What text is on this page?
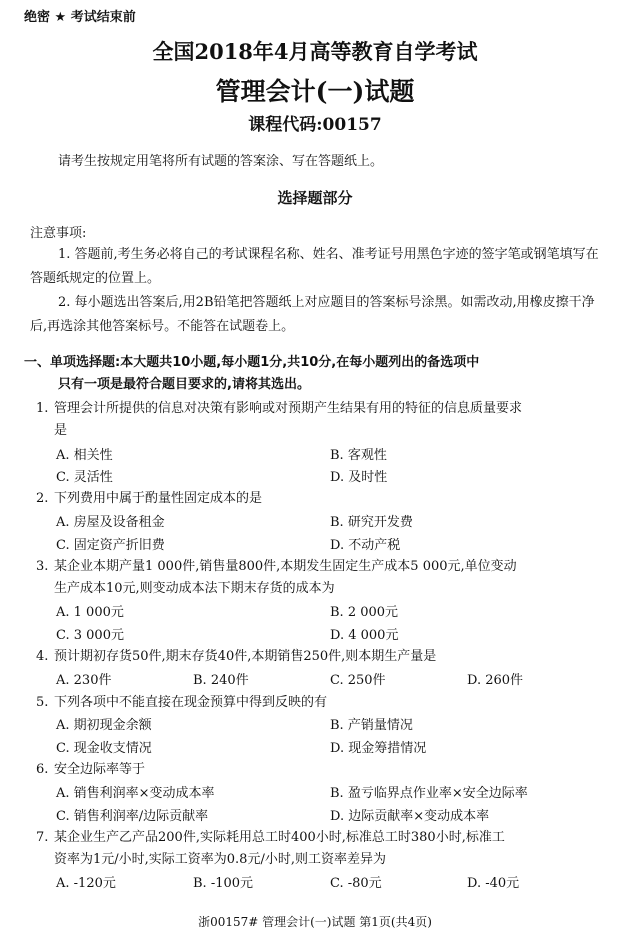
绝密 ★ 考试结束前
全国2018年4月高等教育自学考试
管理会计(一)试题
课程代码:00157
请考生按规定用笔将所有试题的答案涂、写在答题纸上。
选择题部分
注意事项:
1. 答题前,考生务必将自己的考试课程名称、姓名、准考证号用黑色字迹的签字笔或钢笔填写在答题纸规定的位置上。
2. 每小题选出答案后,用2B铅笔把答题纸上对应题目的答案标号涂黑。如需改动,用橡皮擦干净后,再选涂其他答案标号。不能答在试题卷上。
一、单项选择题:本大题共10小题,每小题1分,共10分,在每小题列出的备选项中
只有一项是最符合题目要求的,请将其选出。
1. 管理会计所提供的信息对决策有影响或对预期产生结果有用的特征的信息质量要求
是
A. 相关性	B. 客观性
C. 灵活性	D. 及时性
2. 下列费用中属于酌量性固定成本的是
A. 房屋及设备租金	B. 研究开发费
C. 固定资产折旧费	D. 不动产税
3. 某企业本期产量1 000件,销售量800件,本期发生固定生产成本5 000元,单位变动
生产成本10元,则变动成本法下期末存货的成本为
A. 1 000元	B. 2 000元
C. 3 000元	D. 4 000元
4. 预计期初存货50件,期末存货40件,本期销售250件,则本期生产量是
A. 230件	B. 240件	C. 250件	D. 260件
5. 下列各项中不能直接在现金预算中得到反映的有
A. 期初现金余额	B. 产销量情况
C. 现金收支情况	D. 现金筹措情况
6. 安全边际率等于
A. 销售利润率×变动成本率	B. 盈亏临界点作业率×安全边际率
C. 销售利润率/边际贡献率	D. 边际贡献率×变动成本率
7. 某企业生产乙产品200件,实际耗用总工时400小时,标准总工时380小时,标准工
资率为1元/小时,实际工资率为0.8元/小时,则工资率差异为
A. -120元	B. -100元	C. -80元	D. -40元
浙00157# 管理会计(一)试题 第1页(共4页)
